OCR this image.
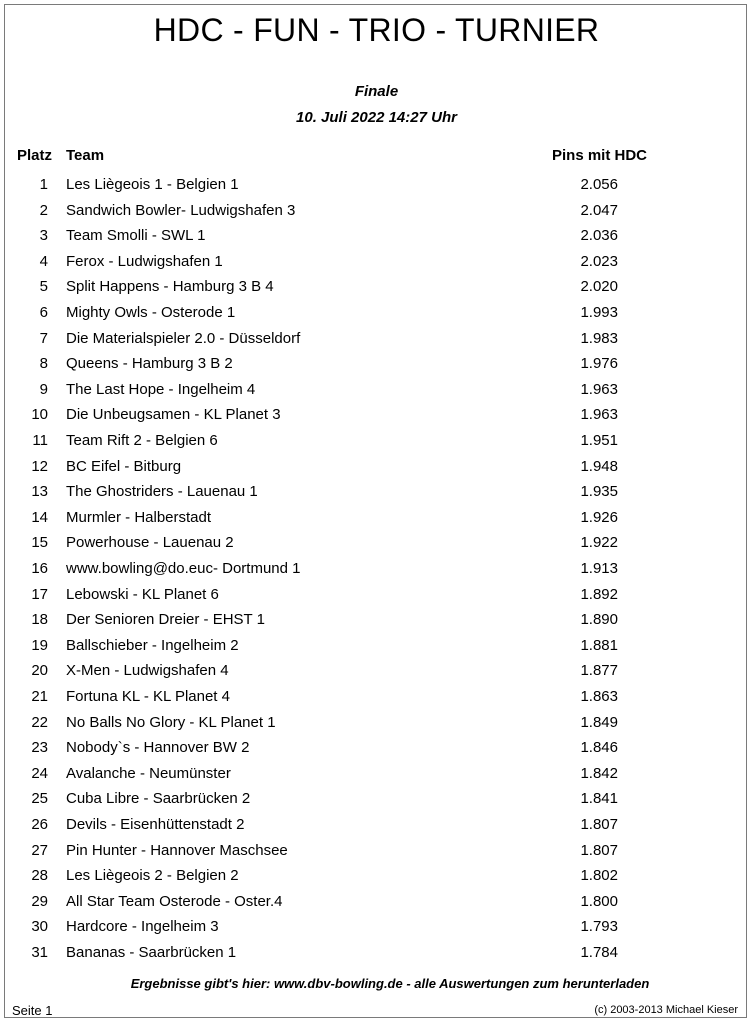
HDC - FUN - TRIO - TURNIER
Finale
10. Juli 2022 14:27 Uhr
Platz Team	Pins mit HDC
1 Les Liègeois 1 - Belgien 1	2.056
2 Sandwich Bowler- Ludwigshafen 3	2.047
3 Team Smolli - SWL 1	2.036
4 Ferox - Ludwigshafen 1	2.023
5 Split Happens - Hamburg 3 B 4	2.020
6 Mighty Owls - Osterode 1	1.993
7 Die Materialspieler 2.0 - Düsseldorf	1.983
8 Queens - Hamburg 3 B 2	1.976
9 The Last Hope - Ingelheim 4	1.963
10 Die Unbeugsamen - KL Planet 3	1.963
11 Team Rift 2 - Belgien 6	1.951
12 BC Eifel - Bitburg	1.948
13 The Ghostriders - Lauenau 1	1.935
14 Murmler - Halberstadt	1.926
15 Powerhouse - Lauenau 2	1.922
16 www.bowling@do.euc- Dortmund 1	1.913
17 Lebowski - KL Planet 6	1.892
18 Der Senioren Dreier - EHST 1	1.890
19 Ballschieber - Ingelheim 2	1.881
20 X-Men - Ludwigshafen 4	1.877
21 Fortuna KL - KL Planet 4	1.863
22 No Balls No Glory - KL Planet 1	1.849
23 Nobody`s - Hannover BW 2	1.846
24 Avalanche - Neumünster	1.842
25 Cuba Libre - Saarbrücken 2	1.841
26 Devils - Eisenhüttenstadt 2	1.807
27 Pin Hunter - Hannover Maschsee	1.807
28 Les Liègeois 2 - Belgien 2	1.802
29 All Star Team Osterode - Oster.4	1.800
30 Hardcore - Ingelheim 3	1.793
31 Bananas - Saarbrücken 1	1.784
Ergebnisse gibt's hier: www.dbv-bowling.de - alle Auswertungen zum herunterladen
Seite 1	(c) 2003-2013 Michael Kieser
